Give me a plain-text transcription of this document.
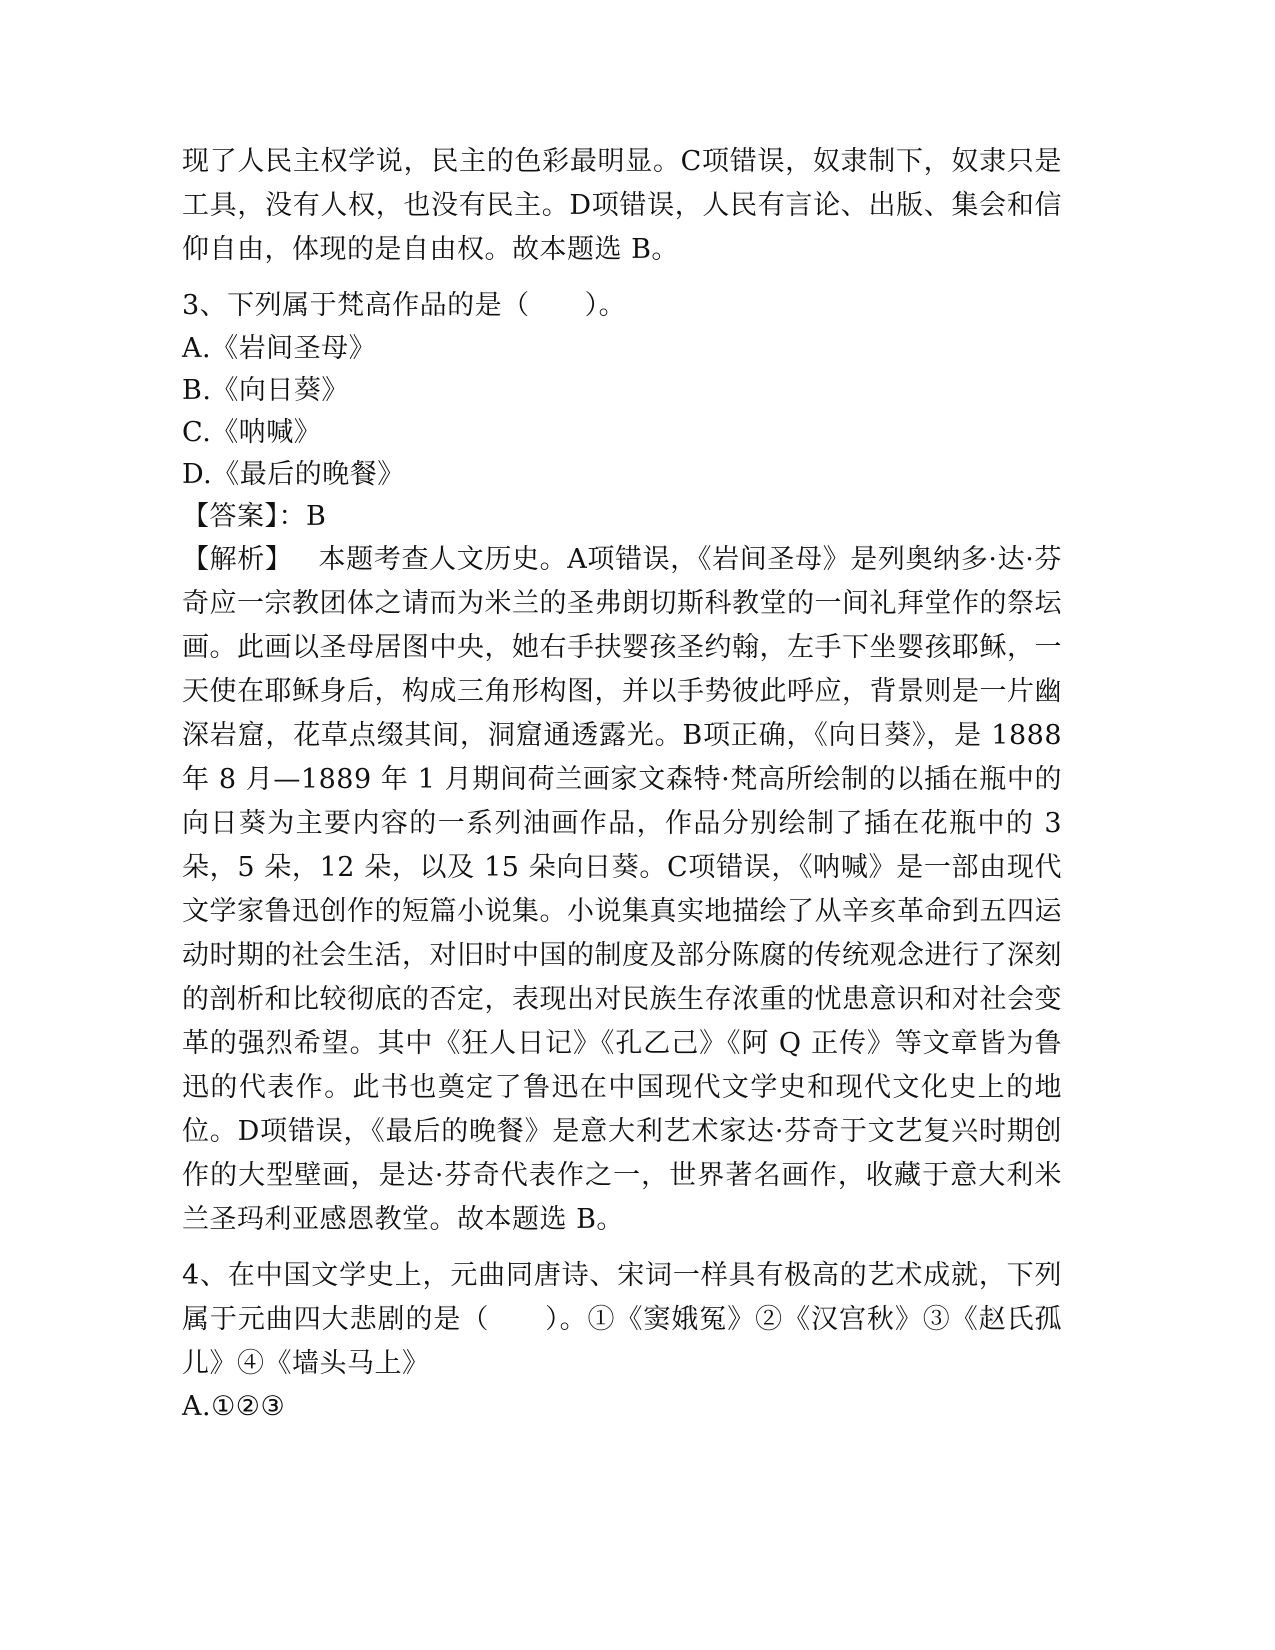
现了人民主权学说，民主的色彩最明显。C项错误，奴隶制下，奴隶只是工具，没有人权，也没有民主。D项错误，人民有言论、出版、集会和信仰自由，体现的是自由权。故本题选 B。

3、下列属于梵高作品的是（　　）。

A.《岩间圣母》

B.《向日葵》

C.《呐喊》

D.《最后的晚餐》

【答案】：B

【解析】 本题考查人文历史。A项错误，《岩间圣母》是列奥纳多·达·芬奇应一宗教团体之请而为米兰的圣弗朗切斯科教堂的一间礼拜堂作的祭坛画。此画以圣母居图中央，她右手扶婴孩圣约翰，左手下坐婴孩耶稣，一天使在耶稣身后，构成三角形构图，并以手势彼此呼应，背景则是一片幽深岩窟，花草点缀其间，洞窟通透露光。B项正确，《向日葵》，是 1888 年 8 月—1889 年 1 月期间荷兰画家文森特·梵高所绘制的以插在瓶中的向日葵为主要内容的一系列油画作品，作品分别绘制了插在花瓶中的 3 朵，5 朵，12 朵，以及 15 朵向日葵。C项错误，《呐喊》是一部由现代文学家鲁迅创作的短篇小说集。小说集真实地描绘了从辛亥革命到五四运动时期的社会生活，对旧时中国的制度及部分陈腐的传统观念进行了深刻的剖析和比较彻底的否定，表现出对民族生存浓重的忧患意识和对社会变革的强烈希望。其中《狂人日记》《孔乙己》《阿 Q 正传》等文章皆为鲁迅的代表作。此书也奠定了鲁迅在中国现代文学史和现代文化史上的地位。D项错误，《最后的晚餐》是意大利艺术家达·芬奇于文艺复兴时期创作的大型壁画，是达·芬奇代表作之一，世界著名画作，收藏于意大利米兰圣玛利亚感恩教堂。故本题选 B。

4、在中国文学史上，元曲同唐诗、宋词一样具有极高的艺术成就，下列属于元曲四大悲剧的是（　　）。①《窦娥冤》②《汉宫秋》③《赵氏孤儿》④《墙头马上》

A.①②③
